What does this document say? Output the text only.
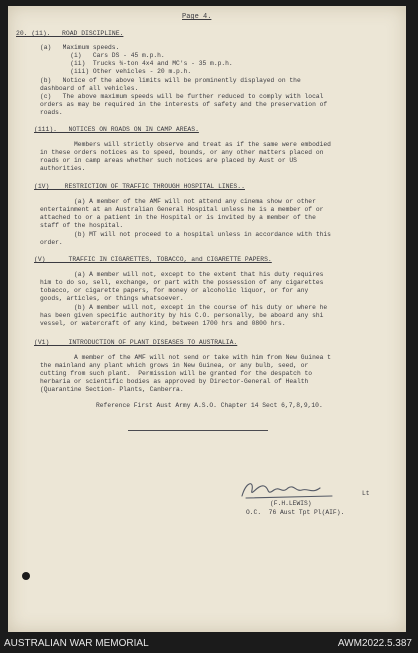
Page 4.
20. (11).   ROAD DISCIPLINE.
(a)   Maximum speeds.
(i)   Cars DS - 45 m.p.h.
(ii)  Trucks ¾-ton 4x4 and MC's - 35 m.p.h.
(iii) Other vehicles - 20 m.p.h.
(b)   Notice of the above limits will be prominently displayed on the
dashboard of all vehicles.
(c)   The above maximum speeds will be further reduced to comply with local
orders as may be required in the interests of safety and the preservation of
roads.
(111).   NOTICES ON ROADS ON IN CAMP AREAS.
Members will strictly observe and treat as if the same were embodied
in these orders notices as to speed, bounds, or any other matters placed on
roads or in camp areas whether such notices are placed by Aust or US
authorities.
(1V)    RESTRICTION OF TRAFFIC THROUGH HOSPITAL LINES..
(a) A member of the AMF will not attend any cinema show or other
entertainment at an Australian General Hospital unless he is a member of or
attached to or a patient in the Hospital or is invited by a member of the
staff of the hospital.
(b) MT will not proceed to a hospital unless in accordance with this
order.
(V)      TRAFFIC IN CIGARETTES, TOBACCO, and CIGARETTE PAPERS.
(a) A member will not, except to the extent that his duty requires
him to do so, sell, exchange, or part with the possession of any cigarettes
tobacco, or cigarette papers, for money or alcoholic liquor, or for any
goods, articles, or things whatsoever.
(b) A member will not, except in the course of his duty or where he
has been given specific authority by his C.O. personally, be aboard any shi
vessel, or watercraft of any kind, between 1700 hrs and 0800 hrs.
(V1)     INTRODUCTION OF PLANT DISEASES TO AUSTRALIA.
A member of the AMF will not send or take with him from New Guinea t
the mainland any plant which grows in New Guinea, or any bulb, seed, or
cutting from such plant.  Permission will be granted for the despatch to
herbaria or scientific bodies as approved by Director-General of Health
(Quarantine Section- Plants, Canberra.
Reference First Aust Army A.S.O. Chapter 14 Sect 6,7,8,9,10.
Lt
(F.H.LEWIS)
O.C.  76 Aust Tpt Pl(AIF).
AUSTRALIAN WAR MEMORIAL	AWM2022.5.387
